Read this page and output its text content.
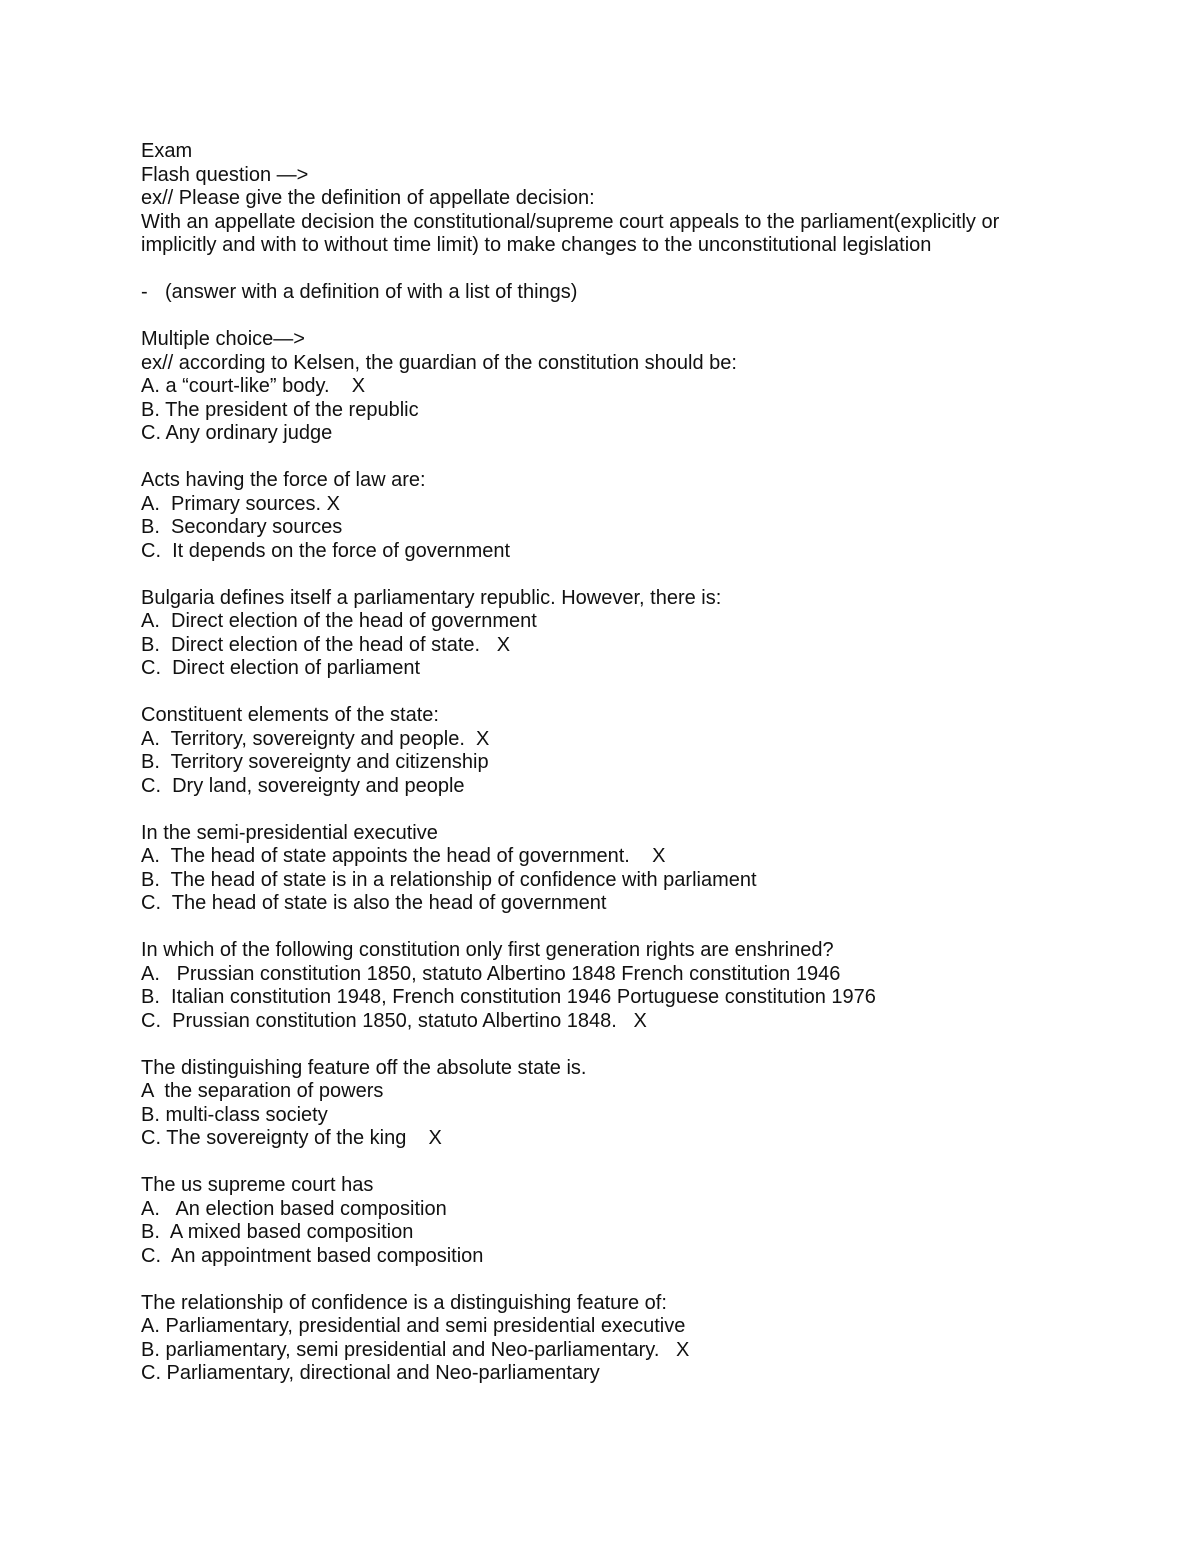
Exam
Flash question —>
ex// Please give the definition of appellate decision:
With an appellate decision the constitutional/supreme court appeals to the parliament(explicitly or implicitly and with to without time limit) to make changes to the unconstitutional legislation
- (answer with a definition of with a list of things)
Multiple choice—>
ex// according to Kelsen, the guardian of the constitution should be:
A. a “court-like” body.    X
B. The president of the republic
C. Any ordinary judge
Acts having the force of law are:
A.  Primary sources. X
B.  Secondary sources
C.  It depends on the force of government
Bulgaria defines itself a parliamentary republic. However, there is:
A.  Direct election of the head of government
B.  Direct election of the head of state.   X
C.  Direct election of parliament
Constituent elements of the state:
A.  Territory, sovereignty and people.  X
B.  Territory sovereignty and citizenship
C.  Dry land, sovereignty and people
In the semi-presidential executive
A.  The head of state appoints the head of government.    X
B.  The head of state is in a relationship of confidence with parliament
C.  The head of state is also the head of government
In which of the following constitution only first generation rights are enshrined?
A.   Prussian constitution 1850, statuto Albertino 1848 French constitution 1946
B.  Italian constitution 1948, French constitution 1946 Portuguese constitution 1976
C.  Prussian constitution 1850, statuto Albertino 1848.   X
The distinguishing feature off the absolute state is.
A  the separation of powers
B. multi-class society
C. The sovereignty of the king    X
The us supreme court has
A.   An election based composition
B.  A mixed based composition
C.  An appointment based composition
The relationship of confidence is a distinguishing feature of:
A. Parliamentary, presidential and semi presidential executive
B. parliamentary, semi presidential and Neo-parliamentary.   X
C. Parliamentary, directional and Neo-parliamentary
